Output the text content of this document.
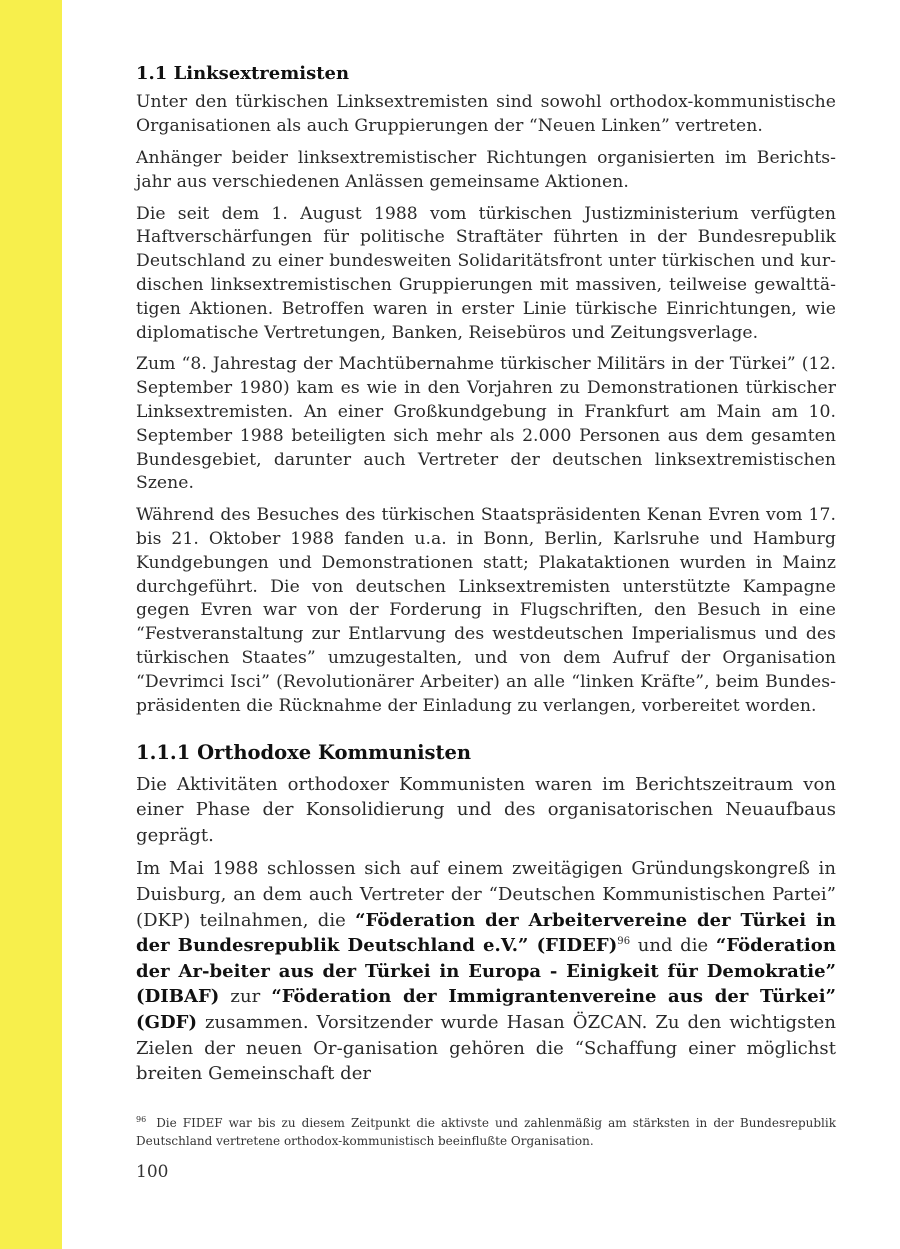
1.1 Linksextremisten

Unter den türkischen Linksextremisten sind sowohl orthodox-kommunistische Organisationen als auch Gruppierungen der “Neuen Linken” vertreten.

Anhänger beider linksextremistischer Richtungen organisierten im Berichts-jahr aus verschiedenen Anlässen gemeinsame Aktionen.

Die seit dem 1. August 1988 vom türkischen Justizministerium verfügten Haftverschärfungen für politische Straftäter führten in der Bundesrepublik Deutschland zu einer bundesweiten Solidaritätsfront unter türkischen und kur-dischen linksextremistischen Gruppierungen mit massiven, teilweise gewalttä-tigen Aktionen. Betroffen waren in erster Linie türkische Einrichtungen, wie diplomatische Vertretungen, Banken, Reisebüros und Zeitungsverlage.

Zum “8. Jahrestag der Machtübernahme türkischer Militärs in der Türkei” (12. September 1980) kam es wie in den Vorjahren zu Demonstrationen türkischer Linksextremisten. An einer Großkundgebung in Frankfurt am Main am 10. September 1988 beteiligten sich mehr als 2.000 Personen aus dem gesamten Bundesgebiet, darunter auch Vertreter der deutschen linksextremistischen Szene.

Während des Besuches des türkischen Staatspräsidenten Kenan Evren vom 17. bis 21. Oktober 1988 fanden u.a. in Bonn, Berlin, Karlsruhe und Hamburg Kundgebungen und Demonstrationen statt; Plakataktionen wurden in Mainz durchgeführt. Die von deutschen Linksextremisten unterstützte Kampagne gegen Evren war von der Forderung in Flugschriften, den Besuch in eine “Festveranstaltung zur Entlarvung des westdeutschen Imperialismus und des türkischen Staates” umzugestalten, und von dem Aufruf der Organisation “Devrimci Isci” (Revolutionärer Arbeiter) an alle “linken Kräfte”, beim Bundes-präsidenten die Rücknahme der Einladung zu verlangen, vorbereitet worden.

1.1.1 Orthodoxe Kommunisten

Die Aktivitäten orthodoxer Kommunisten waren im Berichtszeitraum von einer Phase der Konsolidierung und des organisatorischen Neuaufbaus geprägt.

Im Mai 1988 schlossen sich auf einem zweitägigen Gründungskongreß in Duisburg, an dem auch Vertreter der “Deutschen Kommunistischen Partei” (DKP) teilnahmen, die “Föderation der Arbeitervereine der Türkei in der Bundesrepublik Deutschland e.V.” (FIDEF)$^{96}$ und die “Föderation der Ar-beiter aus der Türkei in Europa - Einigkeit für Demokratie” (DIBAF) zur “Föderation der Immigrantenvereine aus der Türkei” (GDF) zusammen. Vorsitzender wurde Hasan ÖZCAN. Zu den wichtigsten Zielen der neuen Or-ganisation gehören die “Schaffung einer möglichst breiten Gemeinschaft der

$^{96}$ Die FIDEF war bis zu diesem Zeitpunkt die aktivste und zahlenmäßig am stärksten in der Bundesrepublik Deutschland vertretene orthodox-kommunistisch beeinflußte Organisation.
100
